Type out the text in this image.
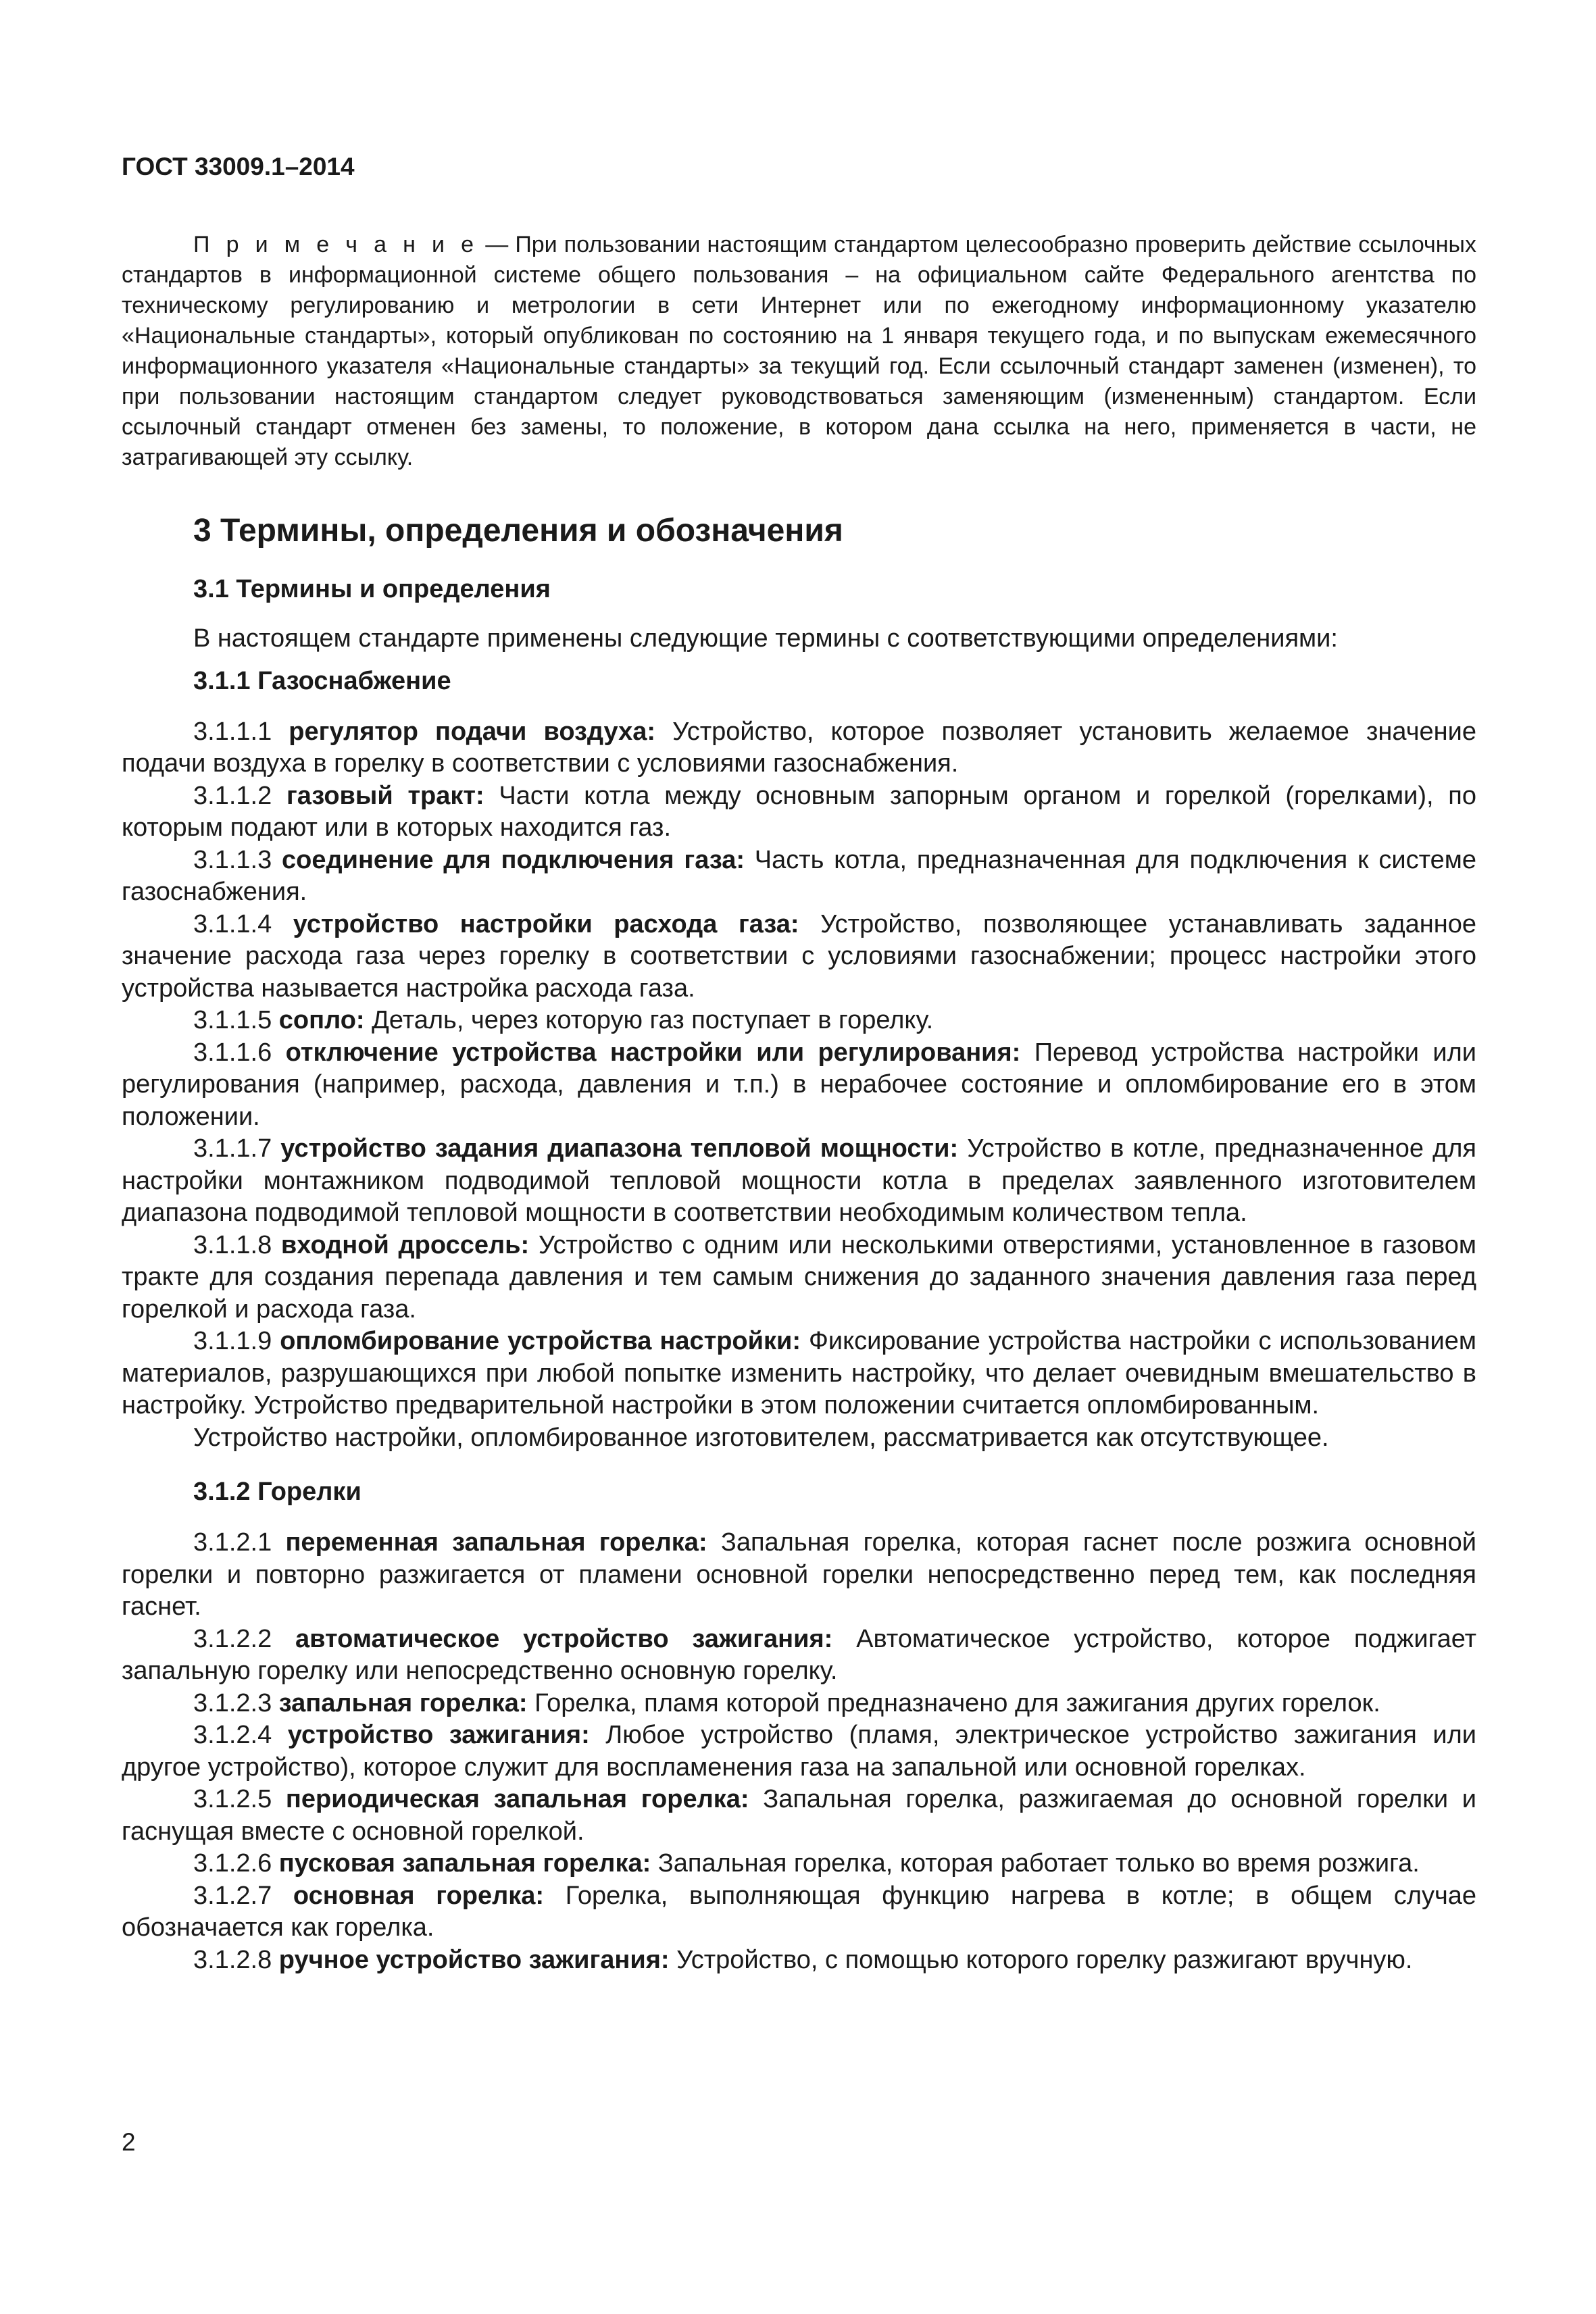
ГОСТ 33009.1–2014

П р и м е ч а н и е — При пользовании настоящим стандартом целесообразно проверить действие ссылочных стандартов в информационной системе общего пользования – на официальном сайте Федерального агентства по техническому регулированию и метрологии в сети Интернет или по ежегодному информационному указателю «Национальные стандарты», который опубликован по состоянию на 1 января текущего года, и по выпускам ежемесячного информационного указателя «Национальные стандарты» за текущий год. Если ссылочный стандарт заменен (изменен), то при пользовании настоящим стандартом следует руководствоваться заменяющим (измененным) стандартом. Если ссылочный стандарт отменен без замены, то положение, в котором дана ссылка на него, применяется в части, не затрагивающей эту ссылку.

3 Термины, определения и обозначения
3.1 Термины и определения

В настоящем стандарте применены следующие термины с соответствующими определениями:

3.1.1 Газоснабжение

3.1.1.1 регулятор подачи воздуха: Устройство, которое позволяет установить желаемое значение подачи воздуха в горелку в соответствии с условиями газоснабжения.

3.1.1.2 газовый тракт: Части котла между основным запорным органом и горелкой (горелками), по которым подают или в которых находится газ.

3.1.1.3 соединение для подключения газа: Часть котла, предназначенная для подключения к системе газоснабжения.

3.1.1.4 устройство настройки расхода газа: Устройство, позволяющее устанавливать заданное значение расхода газа через горелку в соответствии с условиями газоснабжении; процесс настройки этого устройства называется настройка расхода газа.

3.1.1.5 сопло: Деталь, через которую газ поступает в горелку.

3.1.1.6 отключение устройства настройки или регулирования: Перевод устройства настройки или регулирования (например, расхода, давления и т.п.) в нерабочее состояние и опломбирование его в этом положении.

3.1.1.7 устройство задания диапазона тепловой мощности: Устройство в котле, предназначенное для настройки монтажником подводимой тепловой мощности котла в пределах заявленного изготовителем диапазона подводимой тепловой мощности в соответствии необходимым количеством тепла.

3.1.1.8 входной дроссель: Устройство с одним или несколькими отверстиями, установленное в газовом тракте для создания перепада давления и тем самым снижения до заданного значения давления газа перед горелкой и расхода газа.

3.1.1.9 опломбирование устройства настройки: Фиксирование устройства настройки с использованием материалов, разрушающихся при любой попытке изменить настройку, что делает очевидным вмешательство в настройку. Устройство предварительной настройки в этом положении считается опломбированным.

Устройство настройки, опломбированное изготовителем, рассматривается как отсутствующее.

3.1.2 Горелки

3.1.2.1 переменная запальная горелка: Запальная горелка, которая гаснет после розжига основной горелки и повторно разжигается от пламени основной горелки непосредственно перед тем, как последняя гаснет.

3.1.2.2 автоматическое устройство зажигания: Автоматическое устройство, которое поджигает запальную горелку или непосредственно основную горелку.

3.1.2.3 запальная горелка: Горелка, пламя которой предназначено для зажигания других горелок.

3.1.2.4 устройство зажигания: Любое устройство (пламя, электрическое устройство зажигания или другое устройство), которое служит для воспламенения газа на запальной или основной горелках.

3.1.2.5 периодическая запальная горелка: Запальная горелка, разжигаемая до основной горелки и гаснущая вместе с основной горелкой.

3.1.2.6 пусковая запальная горелка: Запальная горелка, которая работает только во время розжига.

3.1.2.7 основная горелка: Горелка, выполняющая функцию нагрева в котле; в общем случае обозначается как горелка.

3.1.2.8 ручное устройство зажигания: Устройство, с помощью которого горелку разжигают вручную.

2
